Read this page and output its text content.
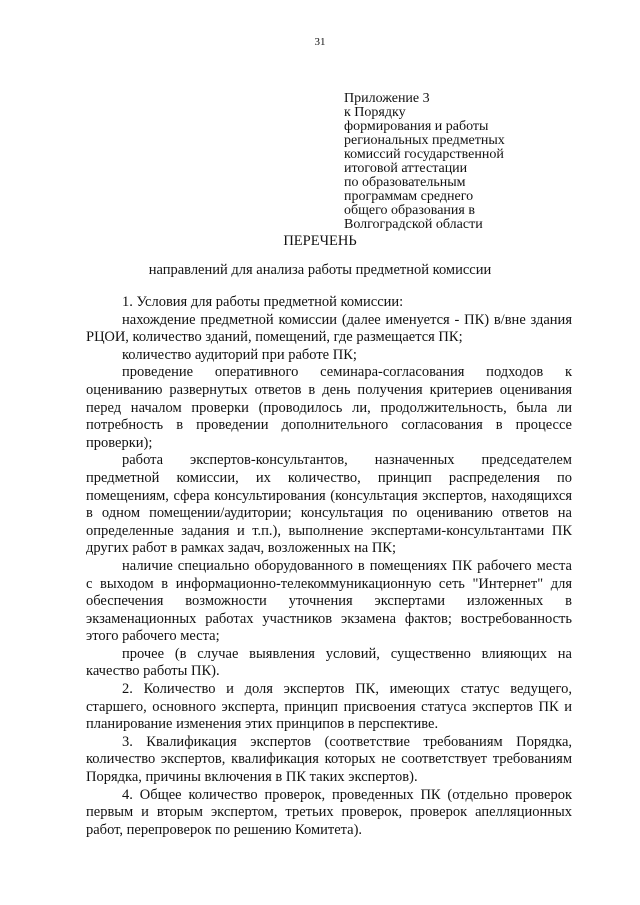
31
Приложение 3
к Порядку
формирования и работы
региональных предметных
комиссий государственной
итоговой аттестации
по образовательным
программам среднего
общего образования в
Волгоградской области
ПЕРЕЧЕНЬ
направлений для анализа работы предметной комиссии

1. Условия для работы предметной комиссии:

нахождение предметной комиссии (далее именуется - ПК) в/вне здания РЦОИ, количество зданий, помещений, где размещается ПК;

количество аудиторий при работе ПК;

проведение оперативного семинара-согласования подходов к оцениванию развернутых ответов в день получения критериев оценивания перед началом проверки (проводилось ли, продолжительность, была ли потребность в проведении дополнительного согласования в процессе проверки);

работа экспертов-консультантов, назначенных председателем предметной комиссии, их количество, принцип распределения по помещениям, сфера консультирования (консультация экспертов, находящихся в одном помещении/аудитории; консультация по оцениванию ответов на определенные задания и т.п.), выполнение экспертами-консультантами ПК других работ в рамках задач, возложенных на ПК;

наличие специально оборудованного в помещениях ПК рабочего места с выходом в информационно-телекоммуникационную сеть "Интернет" для обеспечения возможности уточнения экспертами изложенных в экзаменационных работах участников экзамена фактов; востребованность этого рабочего места;

прочее (в случае выявления условий, существенно влияющих на качество работы ПК).

2. Количество и доля экспертов ПК, имеющих статус ведущего, старшего, основного эксперта, принцип присвоения статуса экспертов ПК и планирование изменения этих принципов в перспективе.

3. Квалификация экспертов (соответствие требованиям Порядка, количество экспертов, квалификация которых не соответствует требованиям Порядка, причины включения в ПК таких экспертов).

4. Общее количество проверок, проведенных ПК (отдельно проверок первым и вторым экспертом, третьих проверок, проверок апелляционных работ, перепроверок по решению Комитета).
